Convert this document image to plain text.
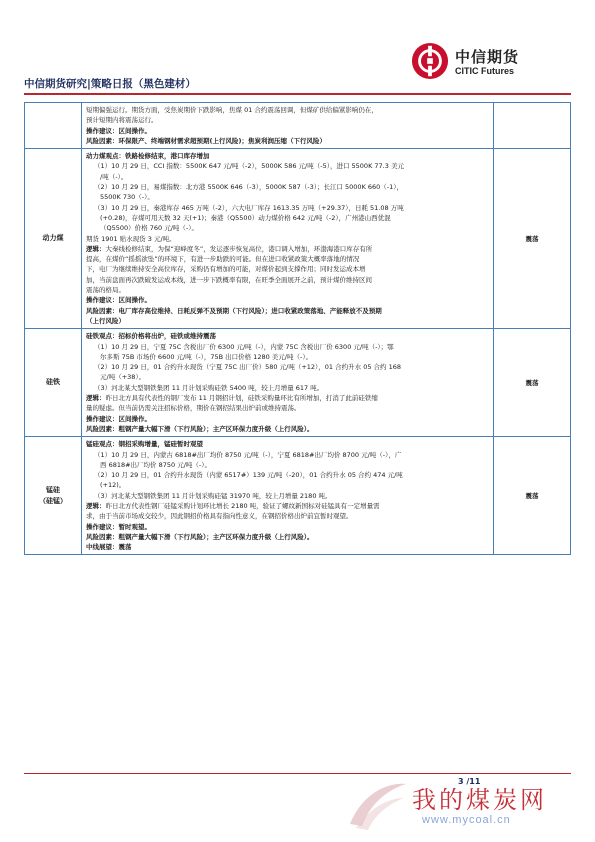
中信期货
CITIC Futures
中信期货研究|策略日报（黑色建材）
短期偏强运行。期货方面，受焦炭期价下跌影响，焦煤 01 合约震荡回调，但煤矿供给偏紧影响仍在，
预计短期内将震荡运行。
操作建议：区间操作。
风险因素：环保限产、终端钢材需求超预期(上行风险)；焦炭利润压缩（下行风险）
动力煤
动力煤观点：铁路检修结束，港口库存增加
（1）10 月 29 日，CCI 指数：5500K 647 元/吨（-2），5000K 586 元/吨（-5），进口 5500K 77.3 美元
/吨（-）。
（2）10 月 29 日，易煤指数：北方港 5500K 646（-3），5000K 587（-3）；长江口 5000K 660（-1），
5500K 730（-）。
（3）10 月 29 日，秦港库存 465 万吨（-2），六大电厂库存 1613.35 万吨（+29.37），日耗 51.08 万吨
(+0.28)，存煤可用天数 32 天(+1)；秦港（Q5500）动力煤价格 642 元/吨（-2），广州港山西优混
（Q5500）价格 760 元/吨（-）。
期货 1901 贴水现货 3 元/吨。
逻辑：大秦线检修结束，为保“迎峰度冬”，发运逐步恢复高位，港口调入增加，环渤海港口库存有所
提高，在煤价“摇摇欲坠”的环境下，有进一步助跌的可能。但在进口收紧政策大概率落地的情况
下，电厂为继续维持安全高位库存，采购仍有增加的可能，对煤价起到支撑作用；同时发运成本增
加，当前盘面再次跌破发运成本线，进一步下跌概率有限，在旺季全面展开之前，预计煤价维持区间
震荡的格局。
操作建议：区间操作。
风险因素：电厂库存高位维持、日耗反弹不及预期（下行风险）；进口收紧政策落地、产能释放不及预期
（上行风险）
震荡
硅铁
硅铁观点：招标价格将出炉，硅铁或维持震荡
（1）10 月 29 日，宁夏 75C 含税出厂价 6300 元/吨（-），内蒙 75C 含税出厂价 6300 元/吨（-）；鄂
尔多斯 75B 市场价 6600 元/吨（-），75B 出口价格 1280 美元/吨（-）。
（2）10 月 29 日，01 合约升水现货（宁夏 75C 出厂价）580 元/吨（+12），01 合约升水 05 合约 168
元/吨（+38）。
（3）河北某大型钢铁集团 11 月计划采购硅铁 5400 吨，较上月增量 617 吨。
逻辑：昨日北方具有代表性的钢厂发布 11 月钢招计划，硅铁采购量环比有所增加，打消了此前硅铁缩
量的疑虑。但当前仍需关注招标价格，期价在钢招结果出炉前或维持震荡。
操作建议：区间操作。
风险因素：粗钢产量大幅下滑（下行风险）；主产区环保力度升级（上行风险）。
震荡
锰硅
（硅锰）
锰硅观点：钢招采购增量，锰硅暂时观望
（1）10 月 29 日，内蒙古 6818#出厂均价 8750 元/吨（-），宁夏 6818#出厂均价 8700 元/吨（-），广
西 6818#出厂均价 8750 元/吨（-）。
（2）10 月 29 日，01 合约升水现货（内蒙 6517#）139 元/吨（-20），01 合约升水 05 合约 474 元/吨
(+12)。
（3）河北某大型钢铁集团 11 月计划采购硅锰 31970 吨，较上月增量 2180 吨。
逻辑：昨日北方代表性钢厂硅锰采购计划环比增长 2180 吨，验证了螺纹新国标对硅锰具有一定增量需
求，由于当前市场成交较少，因此钢招价格具有指向性意义，在钢招价格出炉前宜暂时观望。
操作建议：暂时观望。
风险因素：粗钢产量大幅下滑（下行风险）；主产区环保力度升级（上行风险）。
中线展望：震荡
震荡
3 /11
我的煤炭网
www.mycoal.cn
